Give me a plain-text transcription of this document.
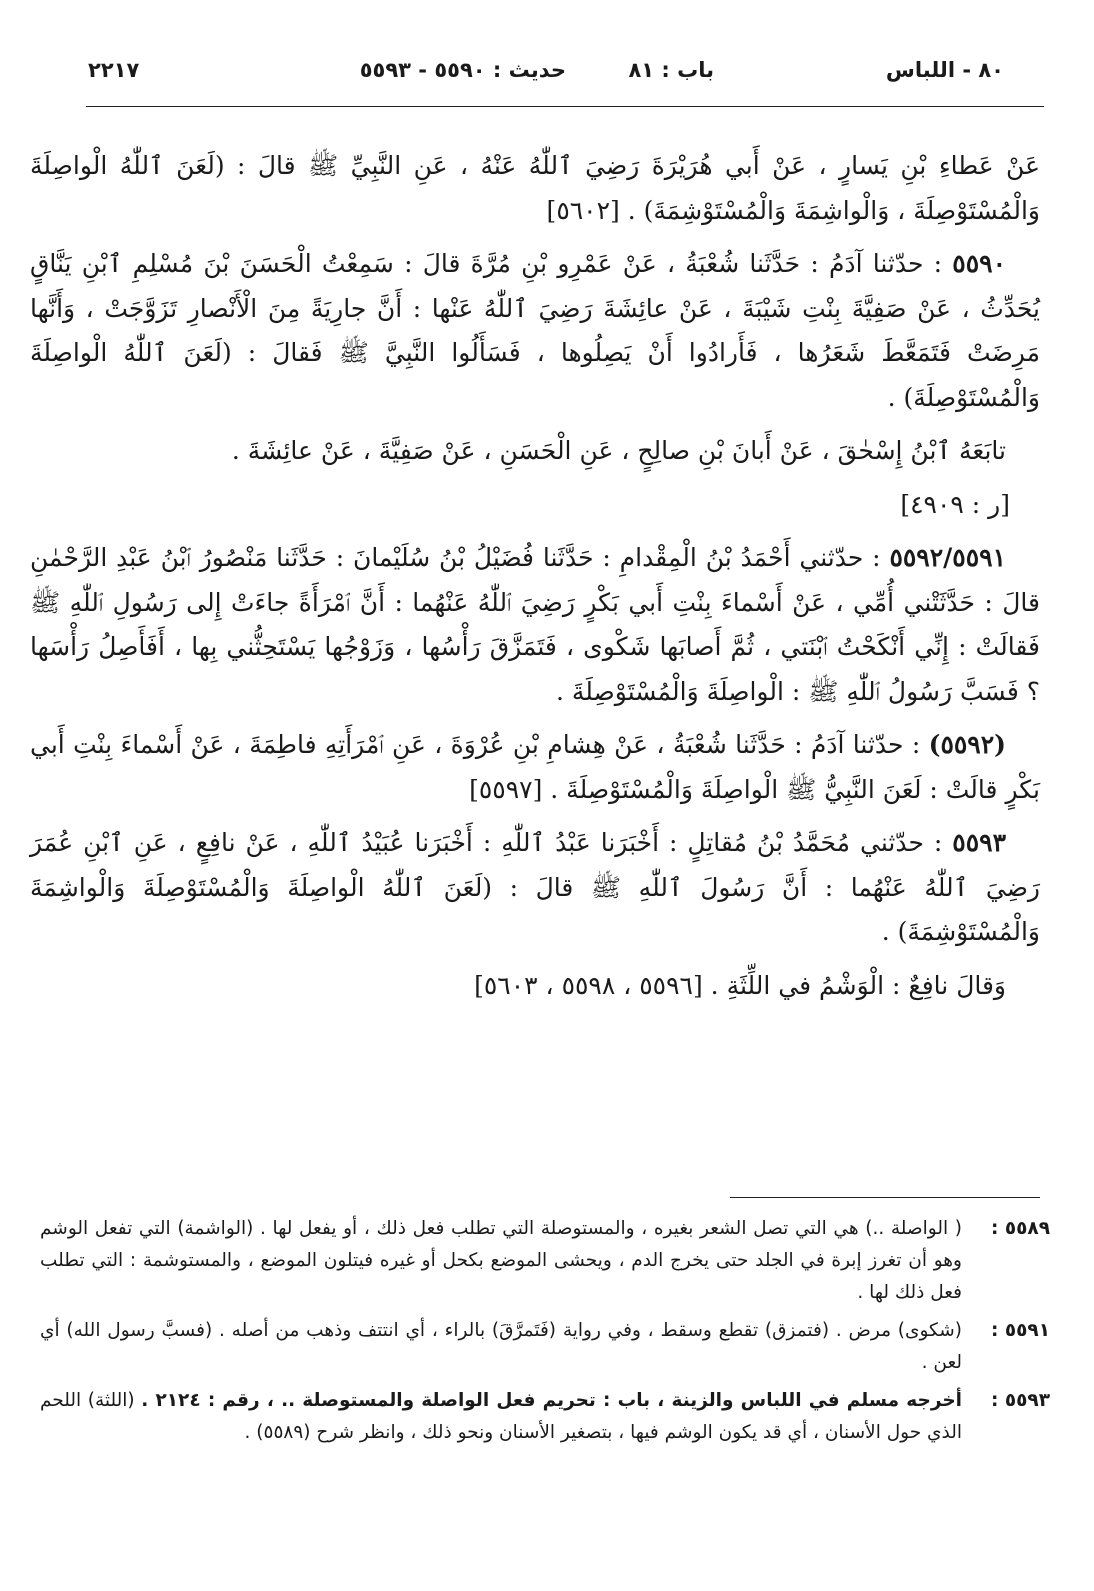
٨٠ - اللباس
باب : ٨١
حديث : ٥٥٩٠ - ٥٥٩٣
٢٢١٧

عَنْ عَطاءِ بْنِ يَسارٍ ، عَنْ أَبي هُرَيْرَةَ رَضِيَ ٱللّٰهُ عَنْهُ ، عَنِ النَّبِيِّ ﷺ قالَ : (لَعَنَ ٱللّٰهُ الْواصِلَةَ وَالْمُسْتَوْصِلَةَ ، وَالْواشِمَةَ وَالْمُسْتَوْشِمَةَ) . [٥٦٠٢]

٥٥٩٠ : حدّثنا آدَمُ : حَدَّثَنا شُعْبَةُ ، عَنْ عَمْرِو بْنِ مُرَّةَ قالَ : سَمِعْتُ الْحَسَنَ بْنَ مُسْلِمِ ٱبْنِ يَنَّاقٍ يُحَدِّثُ ، عَنْ صَفِيَّةَ بِنْتِ شَيْبَةَ ، عَنْ عائِشَةَ رَضِيَ ٱللّٰهُ عَنْها : أَنَّ جارِيَةً مِنَ الْأَنْصارِ تَزَوَّجَتْ ، وَأَنَّها مَرِضَتْ فَتَمَعَّطَ شَعَرُها ، فَأَرادُوا أَنْ يَصِلُوها ، فَسَأَلُوا النَّبِيَّ ﷺ فَقالَ : (لَعَنَ ٱللّٰهُ الْواصِلَةَ وَالْمُسْتَوْصِلَةَ) .

تابَعَهُ ٱبْنُ إِسْحٰقَ ، عَنْ أَبانَ بْنِ صالِحٍ ، عَنِ الْحَسَنِ ، عَنْ صَفِيَّةَ ، عَنْ عائِشَةَ .

[ر : ٤٩٠٩]

٥٥٩٢/٥٥٩١ : حدّثني أَحْمَدُ بْنُ الْمِقْدامِ : حَدَّثَنا فُضَيْلُ بْنُ سُلَيْمانَ : حَدَّثَنا مَنْصُورُ ٱبْنُ عَبْدِ الرَّحْمٰنِ قالَ : حَدَّثَتْني أُمِّي ، عَنْ أَسْماءَ بِنْتِ أَبي بَكْرٍ رَضِيَ ٱللّٰهُ عَنْهُما : أَنَّ ٱمْرَأَةً جاءَتْ إِلى رَسُولِ ٱللّٰهِ ﷺ فَقالَتْ : إِنِّي أَنْكَحْتُ ٱبْنَتي ، ثُمَّ أَصابَها شَكْوى ، فَتَمَزَّقَ رَأْسُها ، وَزَوْجُها يَسْتَحِثُّني بِها ، أَفَأَصِلُ رَأْسَها ؟ فَسَبَّ رَسُولُ ٱللّٰهِ ﷺ : الْواصِلَةَ وَالْمُسْتَوْصِلَةَ .

(٥٥٩٢) : حدّثنا آدَمُ : حَدَّثَنا شُعْبَةُ ، عَنْ هِشامِ بْنِ عُرْوَةَ ، عَنِ ٱمْرَأَتِهِ فاطِمَةَ ، عَنْ أَسْماءَ بِنْتِ أَبي بَكْرٍ قالَتْ : لَعَنَ النَّبِيُّ ﷺ الْواصِلَةَ وَالْمُسْتَوْصِلَةَ . [٥٥٩٧]

٥٥٩٣ : حدّثني مُحَمَّدُ بْنُ مُقاتِلٍ : أَخْبَرَنا عَبْدُ ٱللّٰهِ : أَخْبَرَنا عُبَيْدُ ٱللّٰهِ ، عَنْ نافِعٍ ، عَنِ ٱبْنِ عُمَرَ رَضِيَ ٱللّٰهُ عَنْهُما : أَنَّ رَسُولَ ٱللّٰهِ ﷺ قالَ : (لَعَنَ ٱللّٰهُ الْواصِلَةَ وَالْمُسْتَوْصِلَةَ وَالْواشِمَةَ وَالْمُسْتَوْشِمَةَ) .

وَقالَ نافِعٌ : الْوَشْمُ في اللِّثَةِ . [٥٥٩٦ ، ٥٥٩٨ ، ٥٦٠٣]

٥٥٨٩ :
( الواصلة ..) هي التي تصل الشعر بغيره ، والمستوصلة التي تطلب فعل ذلك ، أو يفعل لها . (الواشمة) التي تفعل الوشم وهو أن تغرز إبرة في الجلد حتى يخرج الدم ، ويحشى الموضع بكحل أو غيره فيتلون الموضع ، والمستوشمة : التي تطلب فعل ذلك لها .
٥٥٩١ :
(شكوى) مرض . (فتمزق) تقطع وسقط ، وفي رواية (فَتَمرَّقَ) بالراء ، أي انتتف وذهب من أصله . (فسبَّ رسول الله) أي لعن .
٥٥٩٣ :
أخرجه مسلم في اللباس والزينة ، باب : تحريم فعل الواصلة والمستوصلة .. ، رقم : ٢١٢٤ . (اللثة) اللحم الذي حول الأسنان ، أي قد يكون الوشم فيها ، بتصغير الأسنان ونحو ذلك ، وانظر شرح (٥٥٨٩) .
